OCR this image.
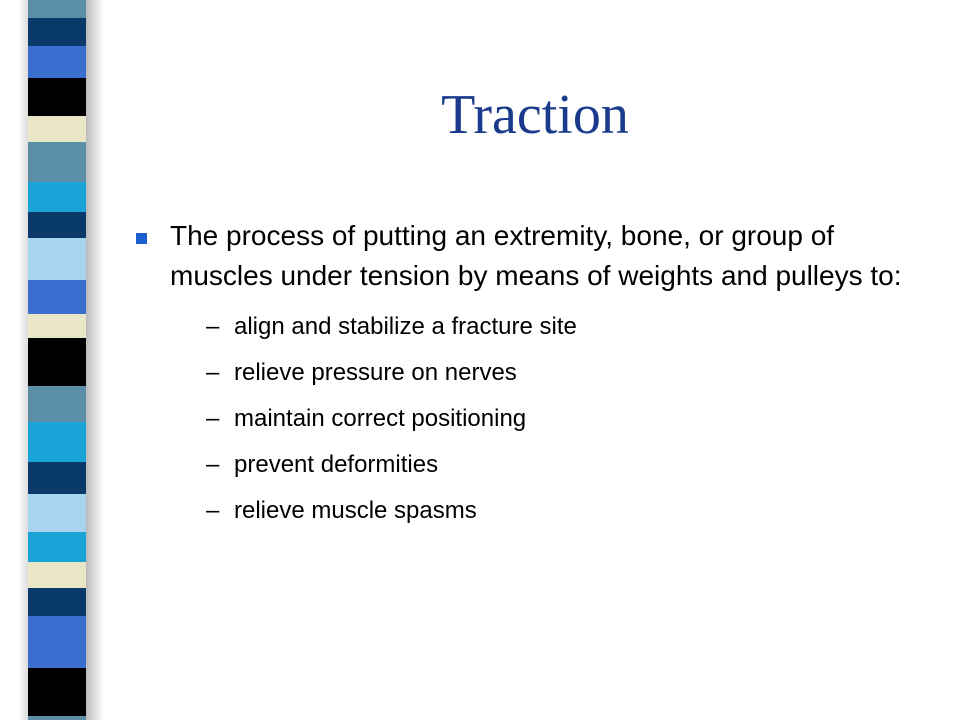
Traction
The process of putting an extremity, bone, or group of muscles under tension by means of weights and pulleys to:
– align and stabilize a fracture site
– relieve pressure on nerves
– maintain correct positioning
– prevent deformities
– relieve muscle spasms
